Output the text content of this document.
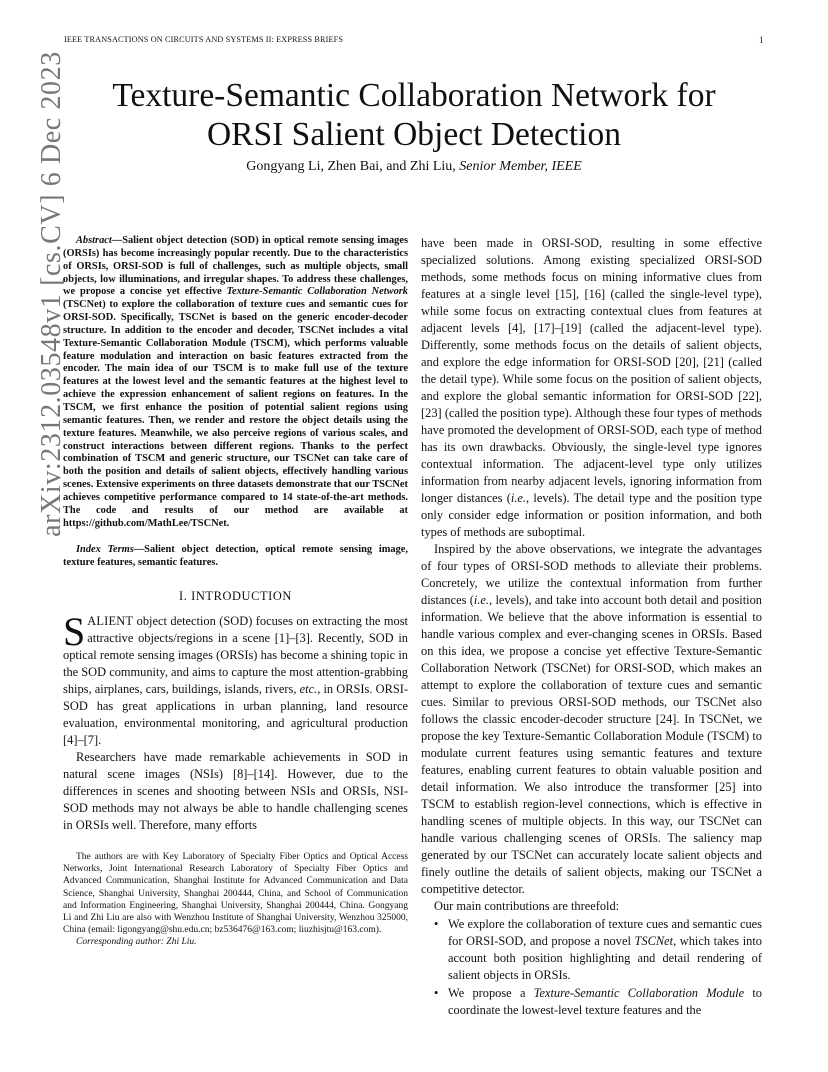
IEEE TRANSACTIONS ON CIRCUITS AND SYSTEMS II: EXPRESS BRIEFS	1
arXiv:2312.03548v1 [cs.CV] 6 Dec 2023	Texture-Semantic Collaboration Network for
ORSI Salient Object Detection
Gongyang Li, Zhen Bai, and Zhi Liu, Senior Member, IEEE

Abstract—Salient object detection (SOD) in optical remote sensing images (ORSIs) has become increasingly popular recently. Due to the characteristics of ORSIs, ORSI-SOD is full of challenges, such as multiple objects, small objects, low illuminations, and irregular shapes. To address these challenges, we propose a concise yet effective Texture-Semantic Collaboration Network (TSCNet) to explore the collaboration of texture cues and semantic cues for ORSI-SOD. Specifically, TSCNet is based on the generic encoder-decoder structure. In addition to the encoder and decoder, TSCNet includes a vital Texture-Semantic Collaboration Module (TSCM), which performs valuable feature modulation and interaction on basic features extracted from the encoder. The main idea of our TSCM is to make full use of the texture features at the lowest level and the semantic features at the highest level to achieve the expression enhancement of salient regions on features. In the TSCM, we first enhance the position of potential salient regions using semantic features. Then, we render and restore the object details using the texture features. Meanwhile, we also perceive regions of various scales, and construct interactions between different regions. Thanks to the perfect combination of TSCM and generic structure, our TSCNet can take care of both the position and details of salient objects, effectively handling various scenes. Extensive experiments on three datasets demonstrate that our TSCNet achieves competitive performance compared to 14 state-of-the-art methods. The code and results of our method are available at https://github.com/MathLee/TSCNet.

Index Terms—Salient object detection, optical remote sensing image, texture features, semantic features.

I. INTRODUCTION

SALIENT object detection (SOD) focuses on extracting the most attractive objects/regions in a scene [1]–[3]. Recently, SOD in optical remote sensing images (ORSIs) has become a shining topic in the SOD community, and aims to capture the most attention-grabbing ships, airplanes, cars, buildings, islands, rivers, etc., in ORSIs. ORSI-SOD has great applications in urban planning, land resource evaluation, environmental monitoring, and agricultural production [4]–[7].

Researchers have made remarkable achievements in SOD in natural scene images (NSIs) [8]–[14]. However, due to the differences in scenes and shooting between NSIs and ORSIs, NSI-SOD methods may not always be able to handle challenging scenes in ORSIs well. Therefore, many efforts

The authors are with Key Laboratory of Specialty Fiber Optics and Optical Access Networks, Joint International Research Laboratory of Specialty Fiber Optics and Advanced Communication, Shanghai Institute for Advanced Communication and Data Science, Shanghai University, Shanghai 200444, China, and School of Communication and Information Engineering, Shanghai University, Shanghai 200444, China. Gongyang Li and Zhi Liu are also with Wenzhou Institute of Shanghai University, Wenzhou 325000, China (email: ligongyang@shu.edu.cn; bz536476@163.com; liuzhisjtu@163.com).

Corresponding author: Zhi Liu.

have been made in ORSI-SOD, resulting in some effective specialized solutions. Among existing specialized ORSI-SOD methods, some methods focus on mining informative clues from features at a single level [15], [16] (called the single-level type), while some focus on extracting contextual clues from features at adjacent levels [4], [17]–[19] (called the adjacent-level type). Differently, some methods focus on the details of salient objects, and explore the edge information for ORSI-SOD [20], [21] (called the detail type). While some focus on the position of salient objects, and explore the global semantic information for ORSI-SOD [22], [23] (called the position type). Although these four types of methods have promoted the development of ORSI-SOD, each type of method has its own drawbacks. Obviously, the single-level type ignores contextual information. The adjacent-level type only utilizes information from nearby adjacent levels, ignoring information from longer distances (i.e., levels). The detail type and the position type only consider edge information or position information, and both types of methods are suboptimal.

Inspired by the above observations, we integrate the advantages of four types of ORSI-SOD methods to alleviate their problems. Concretely, we utilize the contextual information from further distances (i.e., levels), and take into account both detail and position information. We believe that the above information is essential to handle various complex and ever-changing scenes in ORSIs. Based on this idea, we propose a concise yet effective Texture-Semantic Collaboration Network (TSCNet) for ORSI-SOD, which makes an attempt to explore the collaboration of texture cues and semantic cues. Similar to previous ORSI-SOD methods, our TSCNet also follows the classic encoder-decoder structure [24]. In TSCNet, we propose the key Texture-Semantic Collaboration Module (TSCM) to modulate current features using semantic features and texture features, enabling current features to obtain valuable position and detail information. We also introduce the transformer [25] into TSCM to establish region-level connections, which is effective in handling scenes of multiple objects. In this way, our TSCNet can handle various challenging scenes of ORSIs. The saliency map generated by our TSCNet can accurately locate salient objects and finely outline the details of salient objects, making our TSCNet a competitive detector.

Our main contributions are threefold:

• We explore the collaboration of texture cues and semantic cues for ORSI-SOD, and propose a novel TSCNet, which takes into account both position highlighting and detail rendering of salient objects in ORSIs.
• We propose a Texture-Semantic Collaboration Module to coordinate the lowest-level texture features and the
